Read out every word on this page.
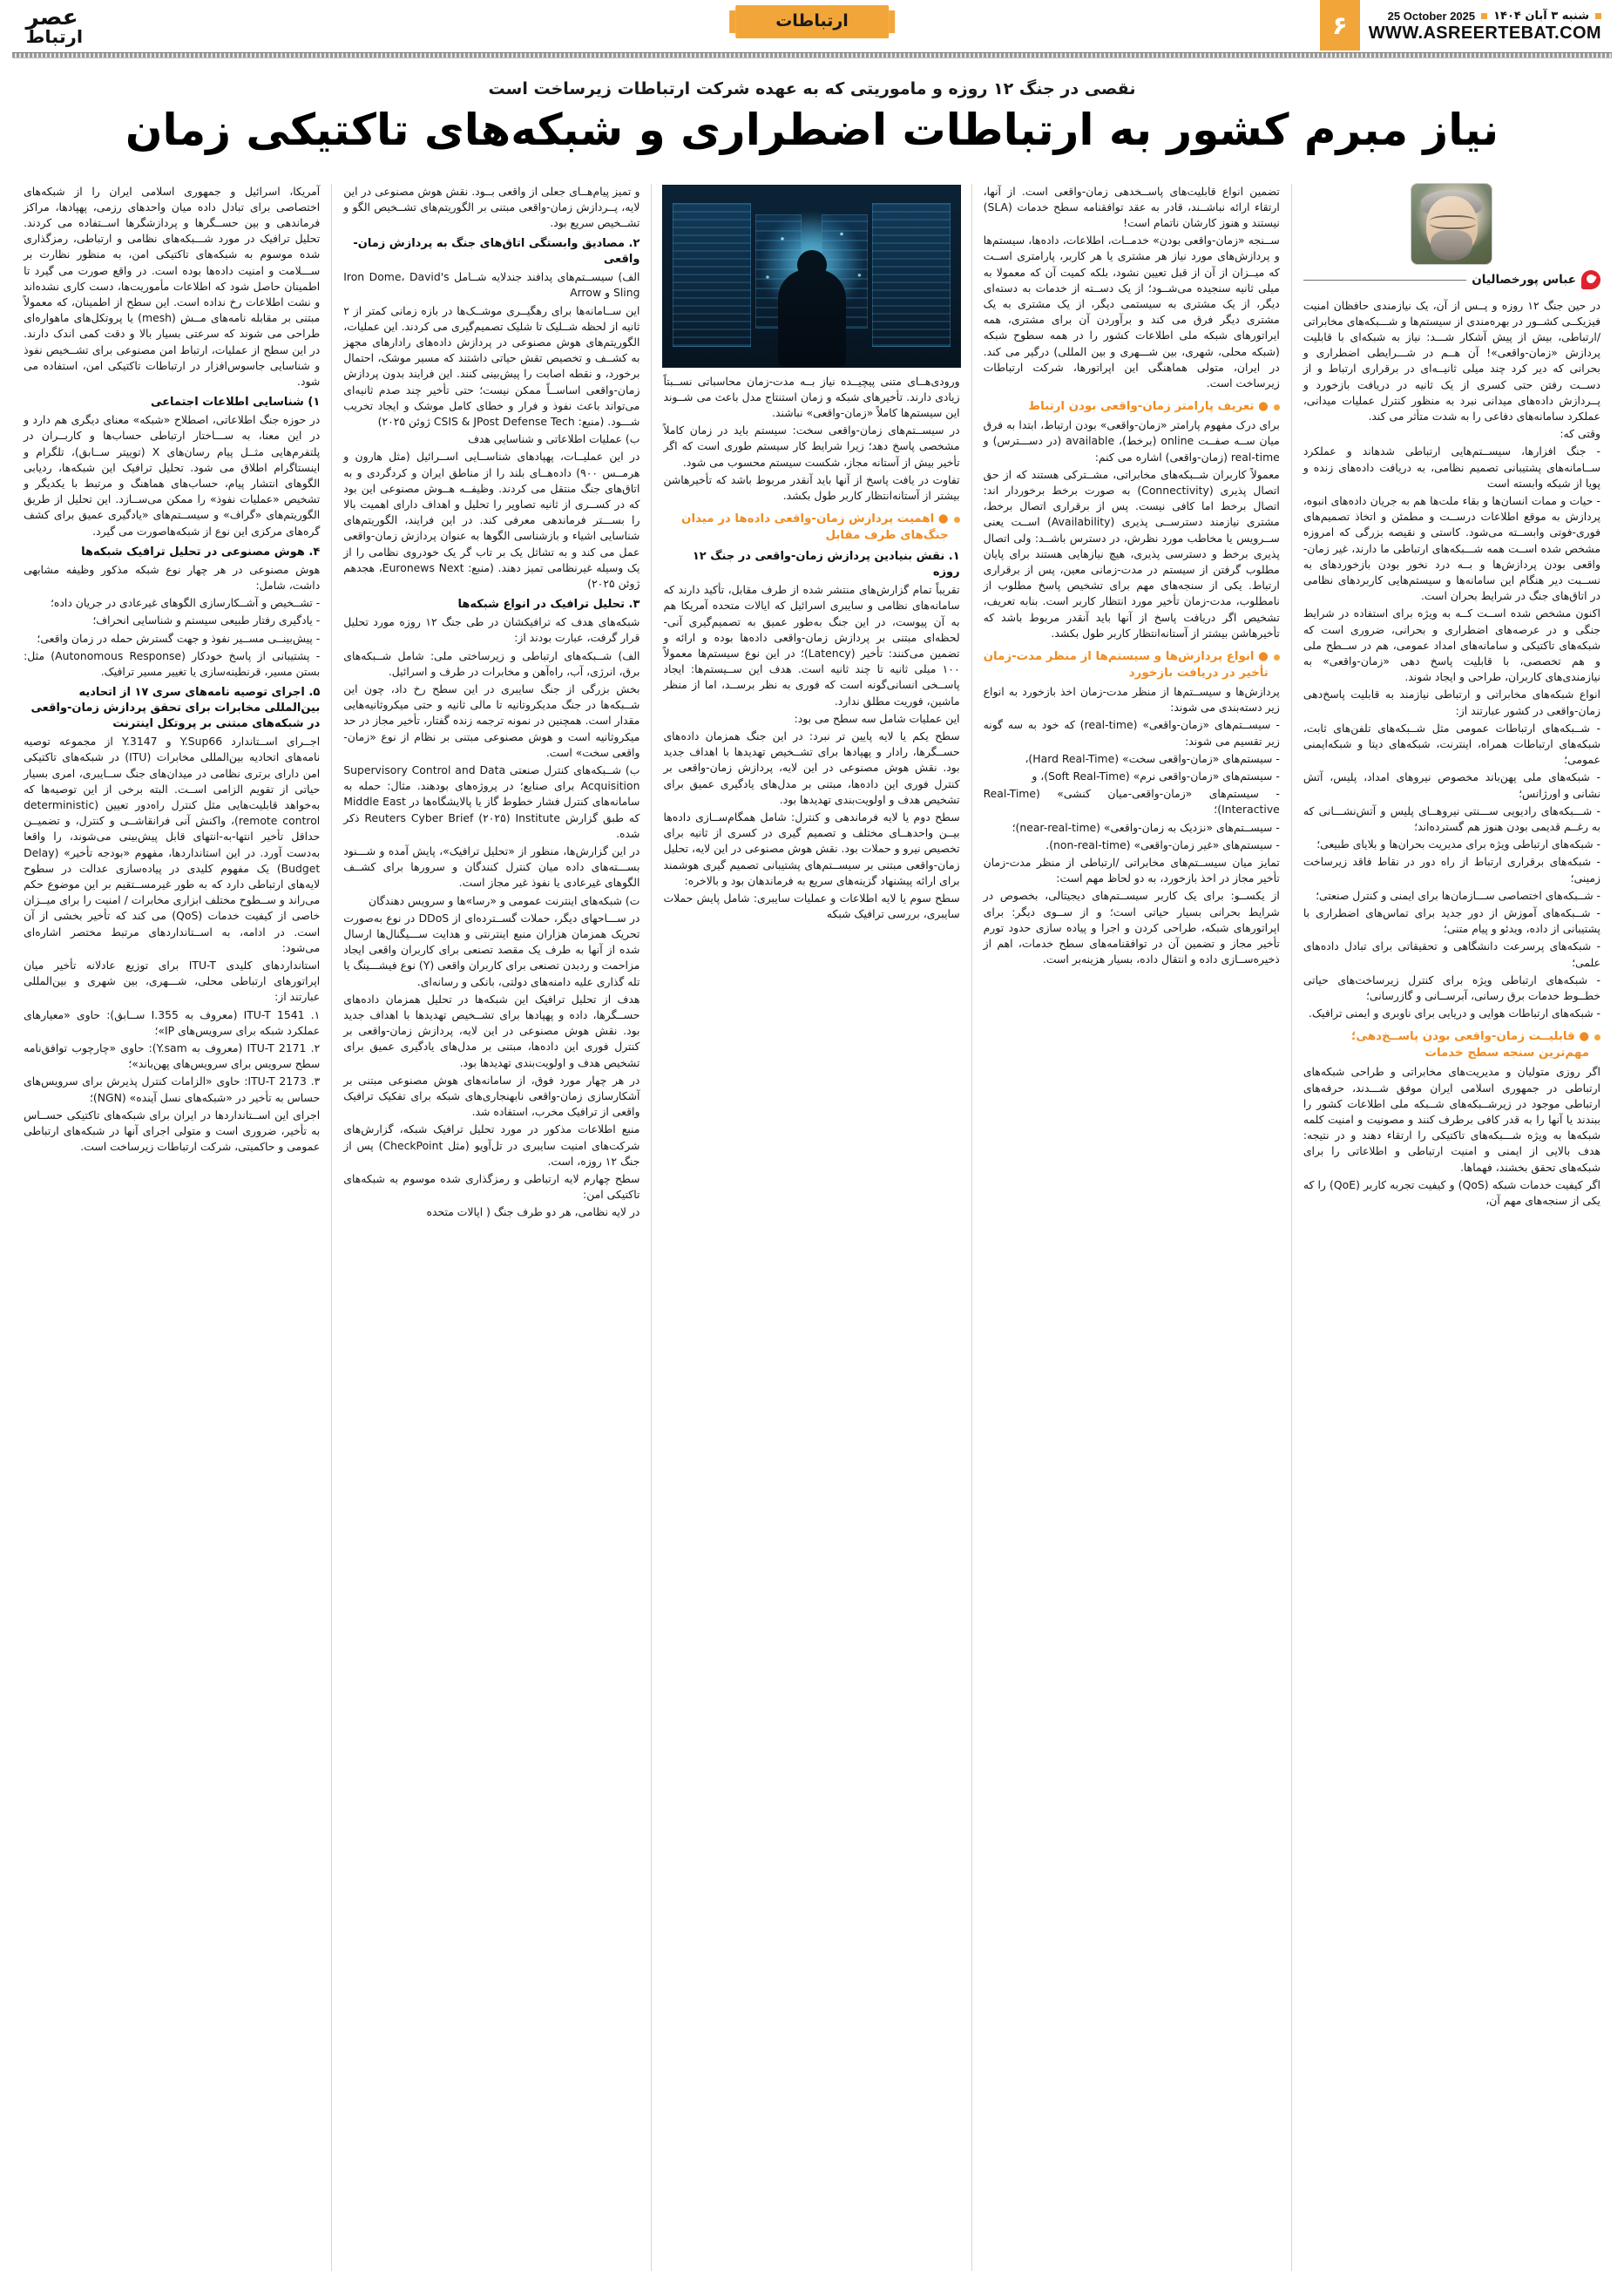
عصر
ارتباط
ارتباطات	شنبه ۳ آبان ۱۴۰۴
25 October 2025
WWW.ASREERTEBAT.COM
۶
نقصی در جنگ ۱۲ روزه و ماموریتی که به عهده شرکت ارتباطات زیرساخت است
نیاز مبرم کشور به ارتباطات اضطراری و شبکه‌های تاکتیکی زمان
عباس پورخصالیان

در حین جنگ ۱۲ روزه و پــس از آن، یک نیازمندی حافظان امنیت فیزیکــی کشــور در بهره‌مندی از سیستم‌ها و شـــبکه‌های مخابراتی /ارتباطی، بیش از پیش آشکار شـــد: نیاز به شبکه‌ای با قابلیت پردازش «زمان-واقعی»! آن هــم در شـــرایطی اضطراری و بحرانی که دیر کرد چند میلی ثانیــه‌ای در برقراری ارتباط و از دســت رفتن حتی کسری از یک ثانیه در دریافت بازخورد و پــردازش داده‌های میدانی نبرد به منظور کنترل عملیات میدانی، عملکرد سامانه‌های دفاعی را به شدت متأثر می کند.

وقتی که:

- جنگ افزارها، سیســتم‌هایی ارتباطی شدهاند و عملکرد ســامانه‌های پشتیبانی تصمیم نظامی، به دریافت داده‌های زنده و پویا از شبکه وابسته است

- حیات و ممات انسان‌ها و بقاء ملت‌ها هم به جریان داده‌های انبوه، پردازش به موقع اطلاعات درســت و مطمئن و اتخاذ تصمیم‌های فوری-فوتی وابســته می‌شود. کاستی و نقیصه بزرگی که امروزه مشخص شده اســت همه شـــبکه‌های ارتباطی ما دارند، غیر زمان-واقعی بودن پردازش‌ها و بــه درد نخور بودن بازخوردهای به نســبت دیر هنگام این سامانه‌ها و سیستم‌هایی کاربردهای نظامی در اتاق‌های جنگ در شرایط بحران است.

اکنون مشخص شده اســت کــه به ویژه برای استفاده در شرایط جنگی و در عرصه‌های اضطراری و بحرانی، ضروری است که شبکه‌های تاکتیکی و سامانه‌های امداد عمومی، هم در ســطح ملی و هم تخصصی، با قابلیت پاسخ دهی «زمان-واقعی» به نیازمندی‌های کاربران، طراحی و ایجاد شوند.

انواع شبکه‌های مخابراتی و ارتباطی نیازمند به قابلیت پاسخ‌دهی زمان-واقعی در کشور عبارتند از:

- شــبکه‌های ارتباطات عمومی مثل شــبکه‌های تلفن‌های ثابت، شبکه‌های ارتباطات همراه، اینترنت، شبکه‌های دیتا و شبکه‌ایمنی عمومی؛

- شبکه‌های ملی پهن‌باند مخصوص نیروهای امداد، پلیس، آتش نشانی و اورژانس؛

- شـــبکه‌های رادیویی ســـنتی نیروهــای پلیس و آتش‌نشـــانی که به رغــم قدیمی بودن هنوز هم گسترده‌اند؛

- شبکه‌های ارتباطی ویژه برای مدیریت بحران‌ها و بلایای طبیعی؛

- شبکه‌های برقراری ارتباط از راه دور در نقاط فاقد زیرساخت زمینی؛

- شــبکه‌های اختصاصی ســـازمان‌ها برای ایمنی و کنترل صنعتی؛

- شــبکه‌های آموزش از دور جدید برای تماس‌های اضطراری با پشتیبانی از داده، ویدئو و پیام متنی؛

- شبکه‌های پرسرعت دانشگاهی و تحقیقاتی برای تبادل داده‌های علمی؛

- شبکه‌های ارتباطی ویژه برای کنترل زیرساخت‌های حیاتی خطــوط خدمات برق رسانی، آبرســانی و گازرسانی؛

- شبکه‌های ارتباطات هوایی و دریایی برای ناوبری و ایمنی ترافیک.

● قابلیــت زمان-واقعی بودن پاســخ‌دهی؛ مهم‌ترین سنجه سطح خدمات

اگر روزی متولیان و مدیریت‌های مخابراتی و طراحی شبکه‌های ارتباطی در جمهوری اسلامی ایران موفق شـــدند، حرفه‌های ارتباطی موجود در زیرشــبکه‌های شــبکه ملی اطلاعات کشور را ببندند یا آنها را به قدر کافی برطرف کنند و مصونیت و امنیت کلمه شبکه‌ها به ویژه شـــبکه‌های تاکتیکی را ارتقاء دهند و در نتیجه: هدف بالایی از ایمنی و امنیت ارتباطی و اطلاعاتی را برای شبکه‌های تحقق بخشند، فهماها.

اگر کیفیت خدمات شبکه (QoS) و کیفیت تجربه کاربر (QoE) را که یکی از سنجه‌های مهم آن،

تضمین انواع قابلیت‌های پاســخدهی زمان-واقعی است. از آنها، ارتقاء ارائه نباشــند، قادر به عقد توافقنامه سطح خدمات (SLA) نیستند و هنوز کارشان ناتمام است!

ســنجه «زمان-واقعی بودن» خدمــات، اطلاعات، داده‌ها، سیستم‌ها و پردازش‌های مورد نیاز هر مشتری یا هر کاربر، پارامتری اســت که میــزان از آن از قبل تعیین نشود، بلکه کمیت آن که معمولا به میلی ثانیه سنجیده می‌شــود؛ از یک دســته از خدمات به دسته‌ای دیگر، از یک مشتری به سیستمی دیگر، از یک مشتری به یک مشتری دیگر فرق می کند و برآوردن آن برای مشتری، همه ایراتورهای شبکه ملی اطلاعات کشور را در همه سطوح شبکه (شبکه محلی، شهری، بین شـــهری و بین المللی) درگیر می کند. در ایران، متولی هماهنگی این اپراتورها، شرکت ارتباطات زیرساخت است.

● تعریف پارامتر زمان-واقعی بودن ارتباط

برای درک مفهوم پارامتر «زمان-واقعی» بودن ارتباط، ابتدا به فرق میان ســه صفــت online (برخط)، available (در دســـترس) و real-time (زمان-واقعی) اشاره می کنم:

معمولاً کاربران شــبکه‌های مخابراتی، مشــترکی هستند که از حق اتصال پذیری (Connectivity) به صورت برخط برخوردار اند: اتصال برخط اما کافی نیست. پس از برقراری اتصال برخط، مشتری نیازمند دسترســی پذیری (Availability) اســت یعنی ســرویس یا مخاطب مورد نظرش، در دسترس باشــد: ولی اتصال پذیری برخط و دسترسی پذیری، هیچ نیازهایی هستند برای پایان مطلوب گرفتن از سیستم در مدت-زمانی معین، پس از برقراری ارتباط. یکی از سنجه‌های مهم برای تشخیص پاسخ مطلوب از نامطلوب، مدت-زمان تأخیر مورد انتظار کاربر است. بنابه تعریف، تشخیص اگر دریافت پاسخ از آنها باید آنقدر مربوط باشد که تأخیرهاشن بیشتر از آستانه‌انتظار کاربر طول بکشد.

● انواع پردازش‌ها و سیستم‌ها از منظر مدت-زمان تأخیر در دریافت بازخورد

پردازش‌ها و سیســتم‌ها از منظر مدت-زمان اخذ بازخورد به انواع زیر دسته‌بندی می شوند:

- سیســتم‌های «زمان-واقعی» (real-time) که خود به سه گونه زیر تقسیم می شوند:

- سیستم‌های «زمان-واقعی سخت» (Hard Real-Time)،

- سیستم‌های «زمان-واقعی نرم» (Soft Real-Time)، و

- سیستم‌های «زمان-واقعی-میان کنشی» (Real-Time Interactive)؛

- سیســتم‌های «نزدیک به زمان-واقعی» (near-real-time)؛

- سیستم‌های «غیر زمان-واقعی» (non-real-time).

تمایز میان سیســتم‌های مخابراتی /ارتباطی از منظر مدت-زمان تأخیر مجاز در اخذ بازخورد، به دو لحاظ مهم است:

از یکســو: برای یک کاربر سیســتم‌های دیجیتالی، بخصوص در شرایط بحرانی بسیار حیاتی است؛ و از ســوی دیگر: برای اپراتورهای شبکه، طراحی کردن و اجرا و پیاده سازی حدود تورم تأخیر مجاز و تضمین آن در توافقنامه‌های سطح خدمات، اهم از ذخیره‌ســازی داده و انتقال داده، بسیار هزینه‌بر است.

ورودی‌هــای متنی پیچیــده نیاز بــه مدت-زمان محاسباتی نســبتاً زیادی دارند. تأخیرهای شبکه و زمان استنتاج مدل باعث می شــوند این سیستم‌ها کاملاً «زمان-واقعی» نباشند.

در سیســتم‌های زمان-واقعی سخت: سیستم باید در زمان کاملاً مشخصی پاسخ دهد؛ زیرا شرایط کار سیستم طوری است که اگر تأخیر بیش از آستانه مجاز، شکست سیستم محسوب می شود.

تفاوت در یافت پاسخ از آنها باید آنقدر مربوط باشد که تأخیرهاشن بیشتر از آستانه‌انتظار کاربر طول بکشد.

● اهمیت پردازش زمان-واقعی داده‌ها در میدان جنگ‌های طرف مقابل
۱. نقش بنیادین پردازش زمان-واقعی در جنگ ۱۲ روزه

تقریباً تمام گزارش‌های منتشر شده از طرف مقابل، تأکید دارند که سامانه‌های نظامی و سایبری اسرائیل که ایالات متحده آمریکا هم به آن پیوست، در این جنگ به‌طور عمیق به تصمیم‌گیری آنی-لحظه‌ای مبتنی بر پردازش زمان-واقعی داده‌ها بوده و ارائه و تضمین می‌کنند: تأخیر (Latency)؛ در این نوع سیستم‌ها معمولاً ۱۰۰ میلی ثانیه تا چند ثانیه است. هدف این ســیستم‌ها: ایجاد پاســخی انسانی‌گونه است که فوری به نظر برســد، اما از منظر ماشین، فوریت مطلق ندارد.

این عملیات شامل سه سطح می بود:

سطح یکم یا لایه پایین تر نبرد: در این جنگ همزمان داده‌های حســگرها، رادار و پهپادها برای تشــخیص تهدیدها با اهداف جدید بود. نقش هوش مصنوعی در این لایه، پردازش زمان-واقعی بر کنترل فوری این داده‌ها، مبتنی بر مدل‌های یادگیری عمیق برای تشخیص هدف و اولویت‌بندی تهدیدها بود.

سطح دوم یا لایه فرماندهی و کنترل: شامل همگام‌ســازی داده‌ها بیــن واحدهــای مختلف و تصمیم گیری در کسری از ثانیه برای تخصیص نیرو و حملات بود. نقش هوش مصنوعی در این لایه، تحلیل زمان-واقعی مبتنی بر سیســتم‌های پشتیبانی تصمیم گیری هوشمند برای ارائه پیشنهاد گزینه‌های سریع به فرماندهان بود و بالاخره:

سطح سوم یا لایه اطلاعات و عملیات سایبری: شامل پایش حملات سایبری، بررسی ترافیک شبکه

و تمیز پیام‌هــای جعلی از واقعی بــود. نقش هوش مصنوعی در این لایه، پــردازش زمان-واقعی مبتنی بر الگوریتم‌های تشــخیص الگو و تشــخیص سریع بود.

۲. مصادیق وابستگی اتاق‌های جنگ به پردازش زمان-واقعی

الف) سیســتم‌های پدافند جندلایه شــامل Iron Dome، David's Sling و Arrow

این ســامانه‌ها برای رهگیــری موشــک‌ها در بازه زمانی کمتر از ۲ ثانیه از لحظه شــلیک تا شلیک تصمیم‌گیری می کردند. این عملیات، الگوریتم‌های هوش مصنوعی در پردازش داده‌های رادارهای مجهز به کشــف و تخصیص تقش حیاتی داشتند که مسیر موشک، احتمال برخورد، و نقطه اصابت را پیش‌بینی کنند. این فرایند بدون پردازش زمان-واقعی اساســاً ممکن نیست؛ حتی تأخیر چند صدم ثانیه‌ای می‌تواند باعث نفوذ و فرار و خطای کامل موشک و ایجاد تخریب شـــود. (منبع: CSIS & JPost Defense Tech ژوئن ۲۰۲۵)

ب) عملیات اطلاعاتی و شناسایی هدف

در این عملیــات، پهپادهای شناســایی اســرائیل (مثل هارون و هرمــس ۹۰۰) داده‌هــای بلند را از مناطق ایران و کردگردی و به اتاق‌های جنگ منتقل می کردند. وظیفــه هــوش مصنوعی این بود که در کســری از ثانیه تصاویر را تحلیل و اهداف دارای اهمیت بالا را بســـتر فرماندهی معرفی کند. در این فرایند، الگوریتم‌های شناسایی اشیاء و بازشناسی الگوها به عنوان پردازش زمان-واقعی عمل می کند و به تشاثل یک بر تاب گر یک خودروی نظامی را از یک وسیله غیرنظامی تمیز دهند. (منبع: Euronews Next، هجدهم ژوئن ۲۰۲۵)

۳. تحلیل ترافیک در انواع شبکه‌ها

شبکه‌های هدف که ترافیکشان در طی جنگ ۱۲ روزه مورد تحلیل قرار گرفت، عبارت بودند از:

الف) شــبکه‌های ارتباطی و زیرساختی ملی: شامل شــبکه‌های برق، انرژی، آب، راه‌آهن و مخابرات در طرف و اسرائیل.

بخش بزرگی از جنگ سایبری در این سطح رخ داد، چون این شــبکه‌ها در جنگ مدیکروتانیه تا مالی ثانیه و حتی میکروثانیه‌هایی مقدار است. همچنین در نمونه ترجمه زنده گفتار، تأخیر مجاز در حد میکروثانیه است و هوش مصنوعی مبتنی بر نظام از نوع «زمان-واقعی سخت» است.

ب) شــبکه‌های کنترل صنعتی Supervisory Control and Data Acquisition برای صنایع؛ در پروژه‌های بودهند. مثال: حمله به سامانه‌های کنترل فشار خطوط گاز یا پالایشگاه‌ها در Middle East که طبق گزارش Reuters Cyber Brief (۲۰۲۵) Institute ذکر شده.

در این گزارش‌ها، منظور از «تحلیل ترافیک»، پایش آمده و شـــنود بســـته‌های داده میان کنترل کنندگان و سرورها برای کشــف الگوهای غیرعادی یا نفوذ غیر مجاز است.

ت) شبکه‌های اینترنت عمومی و «رسا»ها و سرویس دهندگان

در ســـاحهای دیگر، حملات گســترده‌ای از DDoS در نوع به‌صورت تحریک همزمان هزاران منبع اینترنتی و هدایت ســـیگنال‌ها ارسال شده از آنها به طرف یک مقصد تصنعی برای کاربران واقعی ایجاد مزاحمت و ردبدن تصنعی برای کاربران واقعی (Y) نوع فیشـــینگ یا تله گذاری علیه دامنه‌های دولتی، بانکی و رسانه‌ای.

هدف از تحلیل ترافیک این شبکه‌ها در تحلیل همزمان داده‌های حســگرها، داده و پهپادها برای تشــخیص تهدیدها با اهداف جدید بود. نقش هوش مصنوعی در این لایه، پردازش زمان-واقعی بر کنترل فوری این داده‌ها، مبتنی بر مدل‌های یادگیری عمیق برای تشخیص هدف و اولویت‌بندی تهدیدها بود.

در هر چهار مورد فوق، از سامانه‌های هوش مصنوعی مبتنی بر آشکارسازی زمان-واقعی نابهنجاری‌های شبکه برای تفکیک ترافیک واقعی از ترافیک مخرب، استفاده شد.

منبع اطلاعات مذکور در مورد تحلیل ترافیک شبکه، گزارش‌های شرکت‌های امنیت سایبری در تل‌آویو (مثل CheckPoint) پس از جنگ ۱۲ روزه، است.

سطح چهارم لایه ارتباطی و رمزگذاری شده موسوم به شبکه‌های تاکتیکی امن:

در لایه نظامی، هر دو طرف جنگ ( ایالات متحده

آمریکا، اسرائیل و جمهوری اسلامی ایران را از شبکه‌های اختصاصی برای تبادل داده میان واحدهای رزمی، پهپادها، مراکز فرماندهی و بین حســگرها و پردازشگرها اســتفاده می کردند. تحلیل ترافیک در مورد شـــبکه‌های نظامی و ارتباطی، رمزگذاری شده موسوم به شبکه‌های تاکتیکی امن، به منظور نظارت بر ســـلامت و امنیت داده‌ها بوده است. در واقع صورت می گیرد تا اطمینان حاصل شود که اطلاعات مأموریت‌ها، دست کاری نشده‌اند و نشت اطلاعات رخ نداده است. این سطح از اطمینان، که معمولاً مبتنی بر مقابله نامه‌های مــش (mesh) یا پروتکل‌های ماهواره‌ای طراحی می شوند که سرعتی بسیار بالا و دقت کمی اندک دارند. در این سطح از عملیات، ارتباط امن مصنوعی برای تشــخیص نفوذ و شناسایی جاسوس‌افزار در ارتباطات تاکتیکی امن، استفاده می شود.

۱) شناسایی اطلاعات اجتماعی

در حوزه جنگ اطلاعاتی، اصطلاح «شبکه» معنای دیگری هم دارد و در این معنا، به ســـاختار ارتباطی حساب‌ها و کاربــران در پلتفرم‌هایی مثــل پیام رسان‌های X (توییتر ســابق)، تلگرام و اینستاگرام اطلاق می شود. تحلیل ترافیک این شبکه‌ها، ردیابی الگوهای انتشار پیام، حساب‌های هماهنگ و مرتبط با یکدیگر و تشخیص «عملیات نفوذ» را ممکن می‌ســازد. این تحلیل از طریق الگوریتم‌های «گراف» و سیســتم‌های «یادگیری عمیق برای کشف گره‌های مرکزی این نوع از شبکه‌هاصورت می گیرد.

۴. هوش مصنوعی در تحلیل ترافیک شبکه‌ها

هوش مصنوعی در هر چهار نوع شبکه مذکور وظیفه مشابهی داشت، شامل:

- تشــخیص و آشــکارسازی الگوهای غیرعادی در جریان داده؛

- یادگیری رفتار طبیعی سیستم و شناسایی انحراف؛

- پیش‌بینــی مســیر نفوذ و جهت گسترش حمله در زمان واقعی؛

- پشتیبانی از پاسخ خودکار (Autonomous Response) مثل: بستن مسیر، قرنطینه‌سازی یا تغییر مسیر ترافیک.

۵. اجرای توصیه نامه‌های سری ۱۷ از اتحادیه بین‌المللی مخابرات برای تحقق پردازش زمان-واقعی در شبکه‌های مبتنی بر پروتکل اینترنت

اجــرای اســتاندارد Y.Sup66 و Y.3147 از مجموعه توصیه نامه‌های اتحادیه بین‌المللی مخابرات (ITU) در شبکه‌های تاکتیکی امن دارای برتری نظامی در میدان‌های جنگ ســایبری، امری بسیار حیاتی از تقویم الزامی اســت. البته برخی از این توصیه‌ها که به‌خواهد قابلیت‌هایی مثل کنترل راه‌دور تعیین (deterministic remote control)، واکنش آنی فرانقاشــی و کنترل، و تضمیــن حداقل تأخیر انتها-به-انتهای قابل پیش‌بینی می‌شوند، را واقعا به‌دست آورد. در این استانداردها، مفهوم «بودجه تأخیر» (Delay Budget) یک مفهوم کلیدی در پیاده‌سازی عدالت در سطوح لایه‌های ارتباطی دارد که به طور غیرمســتقیم بر این موضوع حکم می‌راند و ســطوح مختلف ابزاری مخابرات / امنیت را برای میــزان خاصی از کیفیت خدمات (QoS) می کند که تأخیر بخشی از آن است. در ادامه، به اســتانداردهای مرتبط مختصر اشاره‌ای می‌شود:

استانداردهای کلیدی ITU-T برای توزیع عادلانه تأخیر میان اپراتورهای ارتباطی محلی، شـــهری، بین شهری و بین‌المللی عبارتند از:

۱. ITU-T 1541 (معروف به 355.I ســابق): حاوی «معیارهای عملکرد شبکه برای سرویس‌های IP»؛

۲. ITU-T 2171 (معروف به Y.sam): حاوی «چارچوب توافق‌نامه سطح سرویس برای سرویس‌های پهن‌باند»؛

۳. ITU-T 2173: حاوی «الزامات کنترل پذیرش برای سرویس‌های حساس به تأخیر در «شبکه‌های نسل آینده» (NGN)؛

اجرای این اســتانداردها در ایران برای شبکه‌های تاکتیکی حســاس به تأخیر، ضروری است و متولی اجرای آنها در شبکه‌های ارتباطی عمومی و حاکمیتی، شرکت ارتباطات زیرساخت است.
